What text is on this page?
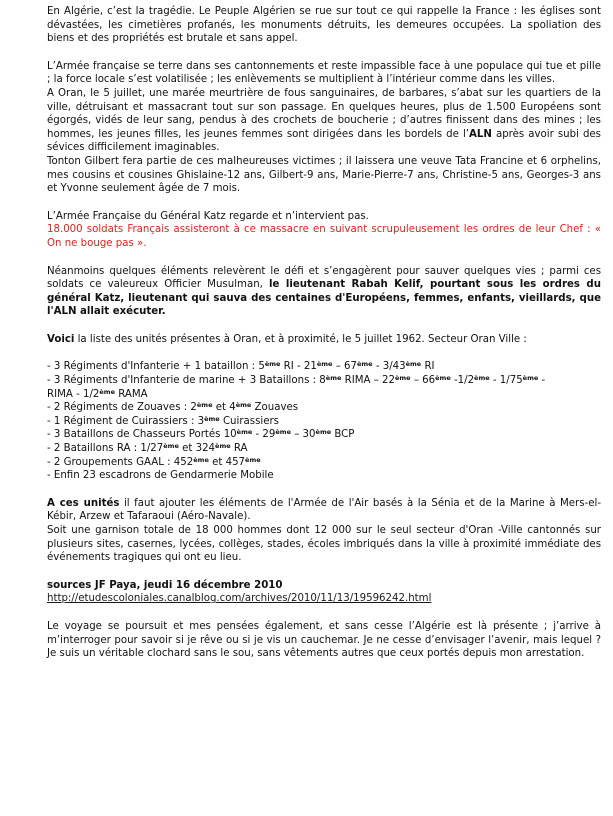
En Algérie, c’est la tragédie. Le Peuple Algérien se rue sur tout ce qui rappelle la France : les églises sont dévastées, les cimetières profanés, les monuments détruits, les demeures occupées. La spoliation des biens et des propriétés est brutale et sans appel.

L’Armée française se terre dans ses cantonnements et reste impassible face à une populace qui tue et pille ; la force locale s’est volatilisée ; les enlèvements se multiplient à l’intérieur comme dans les villes.

A Oran, le 5 juillet, une marée meurtrière de fous sanguinaires, de barbares, s’abat sur les quartiers de la ville, détruisant et massacrant tout sur son passage. En quelques heures, plus de 1.500 Européens sont égorgés, vidés de leur sang, pendus à des crochets de boucherie ; d’autres finissent dans des mines ; les hommes, les jeunes filles, les jeunes femmes sont dirigées dans les bordels de l’ALN après avoir subi des sévices difficilement imaginables.

Tonton Gilbert fera partie de ces malheureuses victimes ; il laissera une veuve Tata Francine et 6 orphelins, mes cousins et cousines Ghislaine-12 ans, Gilbert-9 ans, Marie-Pierre-7 ans, Christine-5 ans, Georges-3 ans et Yvonne seulement âgée de 7 mois.

L’Armée Française du Général Katz regarde et n’intervient pas.

18.000 soldats Français assisteront à ce massacre en suivant scrupuleusement les ordres de leur Chef : « On ne bouge pas ».

Néanmoins quelques éléments relevèrent le défi et s’engagèrent pour sauver quelques vies ; parmi ces soldats ce valeureux Officier Musulman, le lieutenant Rabah Kelif, pourtant sous les ordres du général Katz, lieutenant qui sauva des centaines d'Européens, femmes, enfants, vieillards, que l'ALN allait exécuter.

Voici la liste des unités présentes à Oran, et à proximité, le 5 juillet 1962. Secteur Oran Ville :

- 3 Régiments d'Infanterie + 1 bataillon : 5ème RI - 21ème – 67ème - 3/43ème RI

- 3 Régiments d'Infanterie de marine + 3 Bataillons : 8ème RIMA – 22ème – 66ème -1/2ème - 1/75ème -

RIMA - 1/2ème RAMA

- 2 Régiments de Zouaves : 2ème et 4ème Zouaves

- 1 Régiment de Cuirassiers : 3ème Cuirassiers

- 3 Bataillons de Chasseurs Portés 10ème - 29ème – 30ème BCP

- 2 Bataillons RA : 1/27ème et 324ème RA

- 2 Groupements GAAL : 452ème et 457ème

- Enfin 23 escadrons de Gendarmerie Mobile

A ces unités il faut ajouter les éléments de l'Armée de l'Air basés à la Sénia et de la Marine à Mers-el-Kébir, Arzew et Tafaraoui (Aéro-Navale).

Soit une garnison totale de 18 000 hommes dont 12 000 sur le seul secteur d'Oran -Ville cantonnés sur plusieurs sites, casernes, lycées, collèges, stades, écoles imbriqués dans la ville à proximité immédiate des événements tragiques qui ont eu lieu.

sources JF Paya, jeudi 16 décembre 2010

http://etudescoloniales.canalblog.com/archives/2010/11/13/19596242.html

Le voyage se poursuit et mes pensées également, et sans cesse l’Algérie est là présente ; j’arrive à m’interroger pour savoir si je rêve ou si je vis un cauchemar. Je ne cesse d’envisager l’avenir, mais lequel ? Je suis un véritable clochard sans le sou, sans vêtements autres que ceux portés depuis mon arrestation.
